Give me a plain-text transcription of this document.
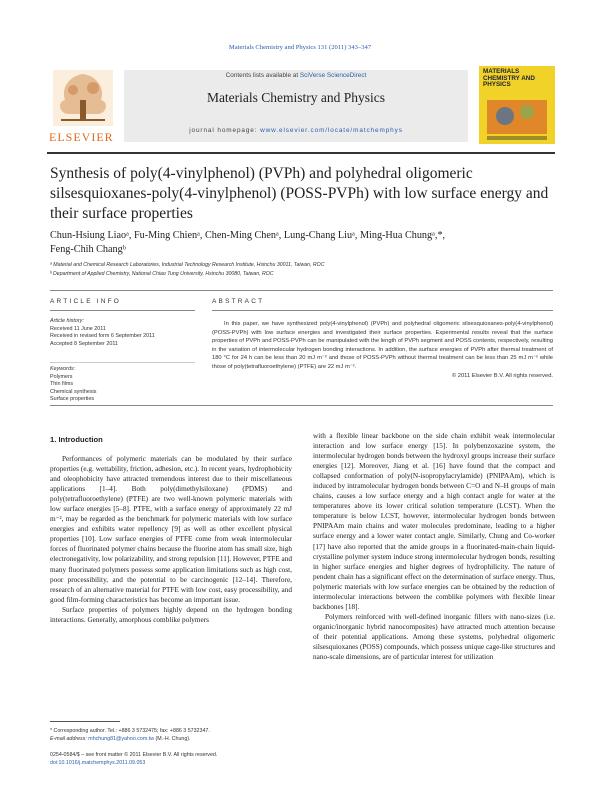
Materials Chemistry and Physics 131 (2011) 343–347
ELSEVIER
Contents lists available at SciVerse ScienceDirect
Materials Chemistry and Physics
journal homepage: www.elsevier.com/locate/matchemphys
MATERIALS CHEMISTRY AND PHYSICS
Synthesis of poly(4-vinylphenol) (PVPh) and polyhedral oligomeric silsesquioxanes-poly(4-vinylphenol) (POSS-PVPh) with low surface energy and their surface properties
Chun-Hsiung Liaoᵃ, Fu-Ming Chienᵃ, Chen-Ming Chenᵃ, Lung-Chang Liuᵃ, Ming-Hua Chungᵃ,*,
Feng-Chih Changᵇ
ᵃ Material and Chemical Research Laboratories, Industrial Technology Research Institute, Hsinchu 30011, Taiwan, ROC
ᵇ Department of Applied Chemistry, National Chiao Tung University, Hsinchu 30080, Taiwan, ROC
ARTICLE INFO	ABSTRACT
Article history:
Received 11 June 2011
Received in revised form 6 September 2011
Accepted 8 September 2011
Keywords:
Polymers
Thin films
Chemical synthesis
Surface properties
In this paper, we have synthesized poly(4-vinylphenol) (PVPh) and polyhedral oligomeric silsesquioxanes-poly(4-vinylphenol) (POSS-PVPh) with low surface energies and investigated their surface properties. Experimental results reveal that the surface properties of PVPh and POSS-PVPh can be manipulated with the length of PVPh segment and POSS contents, respectively, resulting in the variation of intermolecular hydrogen bonding interactions. In addition, the surface energies of PVPh after thermal treatment of 180 °C for 24 h can be less than 20 mJ m⁻² and those of POSS-PVPh without thermal treatment can be less than 25 mJ m⁻² while those of poly(tetrafluoroethylene) (PTFE) are 22 mJ m⁻².
© 2011 Elsevier B.V. All rights reserved.
1. Introduction

Performances of polymeric materials can be modulated by their surface properties (e.g. wettability, friction, adhesion, etc.). In recent years, hydrophobicity and oleophobicity have attracted tremendous interest due to their miscellaneous applications [1–4]. Both poly(dimethylsiloxane) (PDMS) and poly(tetrafluoroethylene) (PTFE) are two well-known polymeric materials with low surface energies [5–8]. PTFE, with a surface energy of approximately 22 mJ m⁻², may be regarded as the benchmark for polymeric materials with low surface energies and exhibits water repellency [9] as well as other excellent physical properties [10]. Low surface energies of PTFE come from weak intermolecular forces of fluorinated polymer chains because the fluorine atom has small size, high electronegativity, low polarizability, and strong repulsion [11]. However, PTFE and many fluorinated polymers possess some application limitations such as high cost, poor processibility, and the potential to be carcinogenic [12–14]. Therefore, research of an alternative material for PTFE with low cost, easy processibility, and good film-forming characteristics has become an important issue.

Surface properties of polymers highly depend on the hydrogen bonding interactions. Generally, amorphous comblike polymers

with a flexible linear backbone on the side chain exhibit weak intermolecular interaction and low surface energy [15]. In polybenzoxazine system, the intermolecular hydrogen bonds between the hydroxyl groups increase their surface energies [12]. Moreover, Jiang et al. [16] have found that the compact and collapsed conformation of poly(N-isopropylacrylamide) (PNIPAAm), which is induced by intramolecular hydrogen bonds between C=O and N–H groups of main chains, causes a low surface energy and a high contact angle for water at the temperatures above its lower critical solution temperature (LCST). When the temperature is below LCST, however, intermolecular hydrogen bonds between PNIPAAm main chains and water molecules predominate, leading to a higher surface energy and a lower water contact angle. Similarly, Chung and Co-worker [17] have also reported that the amide groups in a fluorinated-main-chain liquid-crystalline polymer system induce strong intermolecular hydrogen bonds, resulting in higher surface energies and higher degrees of hydrophilicity. The nature of pendent chain has a significant effect on the determination of surface energy. Thus, polymeric materials with low surface energies can be obtained by the reduction of intermolecular interactions between the comblike polymers with flexible linear backbones [18].

Polymers reinforced with well-defined inorganic fillers with nano-sizes (i.e. organic/inorganic hybrid nanocomposites) have attracted much attention because of their potential applications. Among these systems, polyhedral oligomeric silsesquioxanes (POSS) compounds, which possess unique cage-like structures and nano-scale dimensions, are of particular interest for utilization

* Corresponding author. Tel.: +886 3 5732475; fax: +886 3 5732347.
E-mail address: mhchung81@yahoo.com.tw (M.-H. Chung).
0254-0584/$ – see front matter © 2011 Elsevier B.V. All rights reserved.
doi:10.1016/j.matchemphys.2011.09.053
